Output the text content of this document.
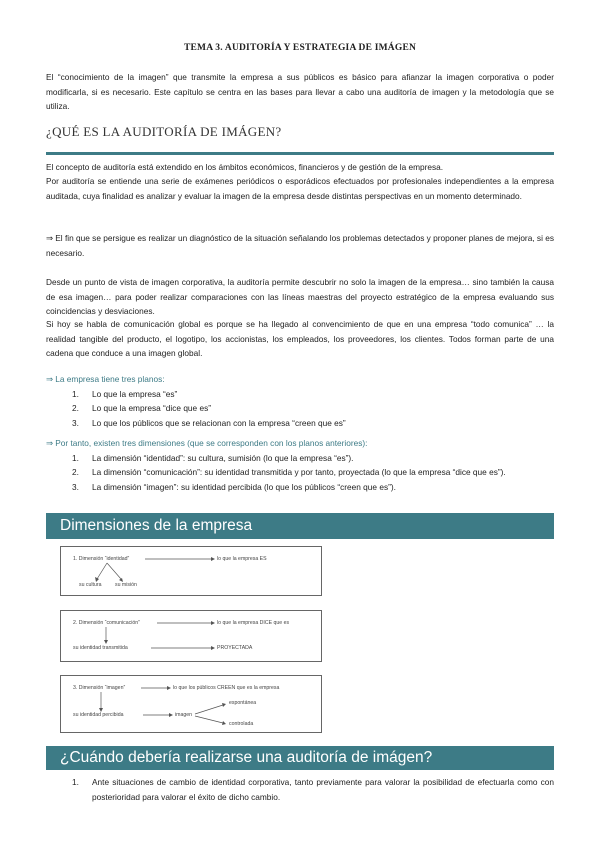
TEMA 3. AUDITORÍA Y ESTRATEGIA DE IMÁGEN
El “conocimiento de la imagen” que transmite la empresa a sus públicos es básico para afianzar la imagen corporativa o poder modificarla, si es necesario. Este capítulo se centra en las bases para llevar a cabo una auditoría de imagen y la metodología que se utiliza.
¿QUÉ ES LA AUDITORÍA DE IMÁGEN?
El concepto de auditoría está extendido en los ámbitos económicos, financieros y de gestión de la empresa.
Por auditoría se entiende una serie de exámenes periódicos o esporádicos efectuados por profesionales independientes a la empresa auditada, cuya finalidad es analizar y evaluar la imagen de la empresa desde distintas perspectivas en un momento determinado.
⇒ El fin que se persigue es realizar un diagnóstico de la situación señalando los problemas detectados y proponer planes de mejora, si es necesario.
Desde un punto de vista de imagen corporativa, la auditoría permite descubrir no solo la imagen de la empresa… sino también la causa de esa imagen… para poder realizar comparaciones con las líneas maestras del proyecto estratégico de la empresa evaluando sus coincidencias y desviaciones.
Si hoy se habla de comunicación global es porque se ha llegado al convencimiento de que en una empresa “todo comunica” … la realidad tangible del producto, el logotipo, los accionistas, los empleados, los proveedores, los clientes. Todos forman parte de una cadena que conduce a una imagen global.
⇒ La empresa tiene tres planos:
1. Lo que la empresa “es”
2. Lo que la empresa “dice que es”
3. Lo que los públicos que se relacionan con la empresa “creen que es”
⇒ Por tanto, existen tres dimensiones (que se corresponden con los planos anteriores):
1. La dimensión “identidad”: su cultura, sumisión (lo que la empresa “es”).
2. La dimensión “comunicación”: su identidad transmitida y por tanto, proyectada (lo que la empresa “dice que es”).
3. La dimensión “imagen”: su identidad percibida (lo que los públicos “creen que es”).
Dimensiones de la empresa
1. Dimensión “identidad”	lo que la empresa ES
su cultura	su misión
2. Dimensión “comunicación”	lo que la empresa DICE que es
su identidad transmitida	PROYECTADA
3. Dimensión “imagen”	lo que los públicos CREEN que es la empresa
su identidad percibida	imagen
espontánea
controlada
¿Cuándo debería realizarse una auditoría de imágen?
1. Ante situaciones de cambio de identidad corporativa, tanto previamente para valorar la posibilidad de efectuarla como con posterioridad para valorar el éxito de dicho cambio.
